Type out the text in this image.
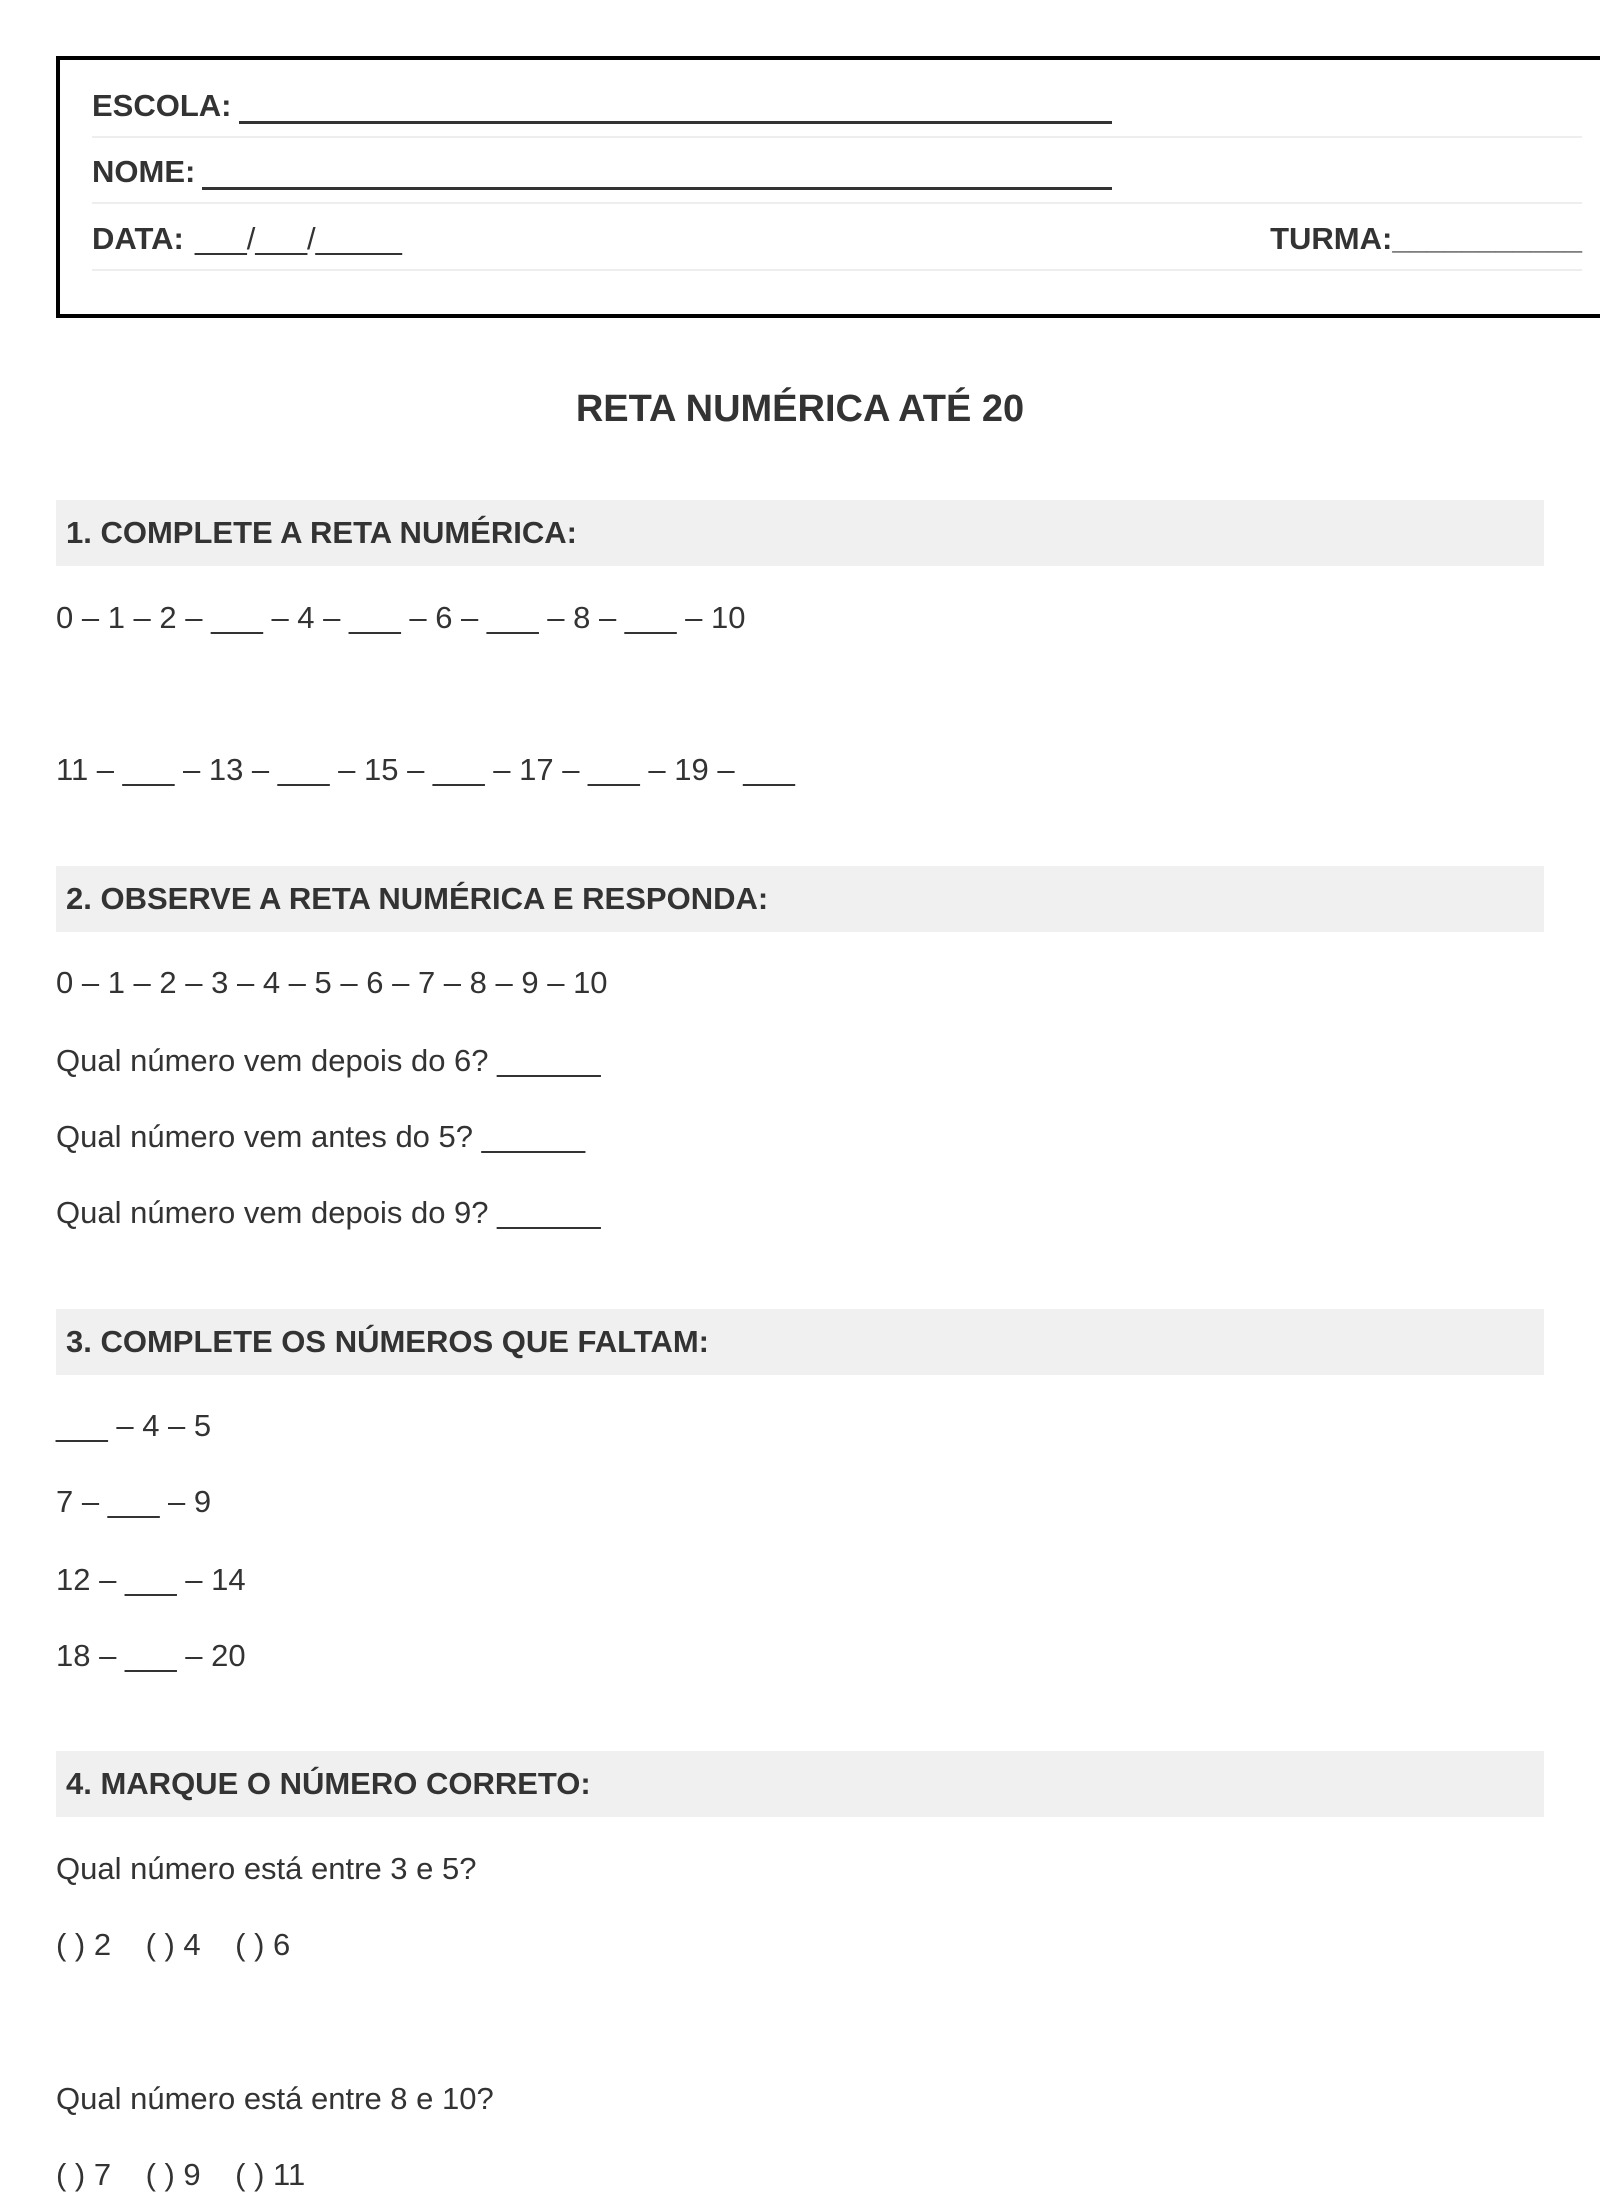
ESCOLA:
NOME:
DATA: ___/___/_____	TURMA:___________
RETA NUMÉRICA ATÉ 20
1. COMPLETE A RETA NUMÉRICA:
0 – 1 – 2 – ___ – 4 – ___ – 6 – ___ – 8 – ___ – 10
11 – ___ – 13 – ___ – 15 – ___ – 17 – ___ – 19 – ___
2. OBSERVE A RETA NUMÉRICA E RESPONDA:
0 – 1 – 2 – 3 – 4 – 5 – 6 – 7 – 8 – 9 – 10
Qual número vem depois do 6? ______
Qual número vem antes do 5? ______
Qual número vem depois do 9? ______
3. COMPLETE OS NÚMEROS QUE FALTAM:
___ – 4 – 5
7 – ___ – 9
12 – ___ – 14
18 – ___ – 20
4. MARQUE O NÚMERO CORRETO:
Qual número está entre 3 e 5?
( ) 2    ( ) 4    ( ) 6
Qual número está entre 8 e 10?
( ) 7    ( ) 9    ( ) 11
